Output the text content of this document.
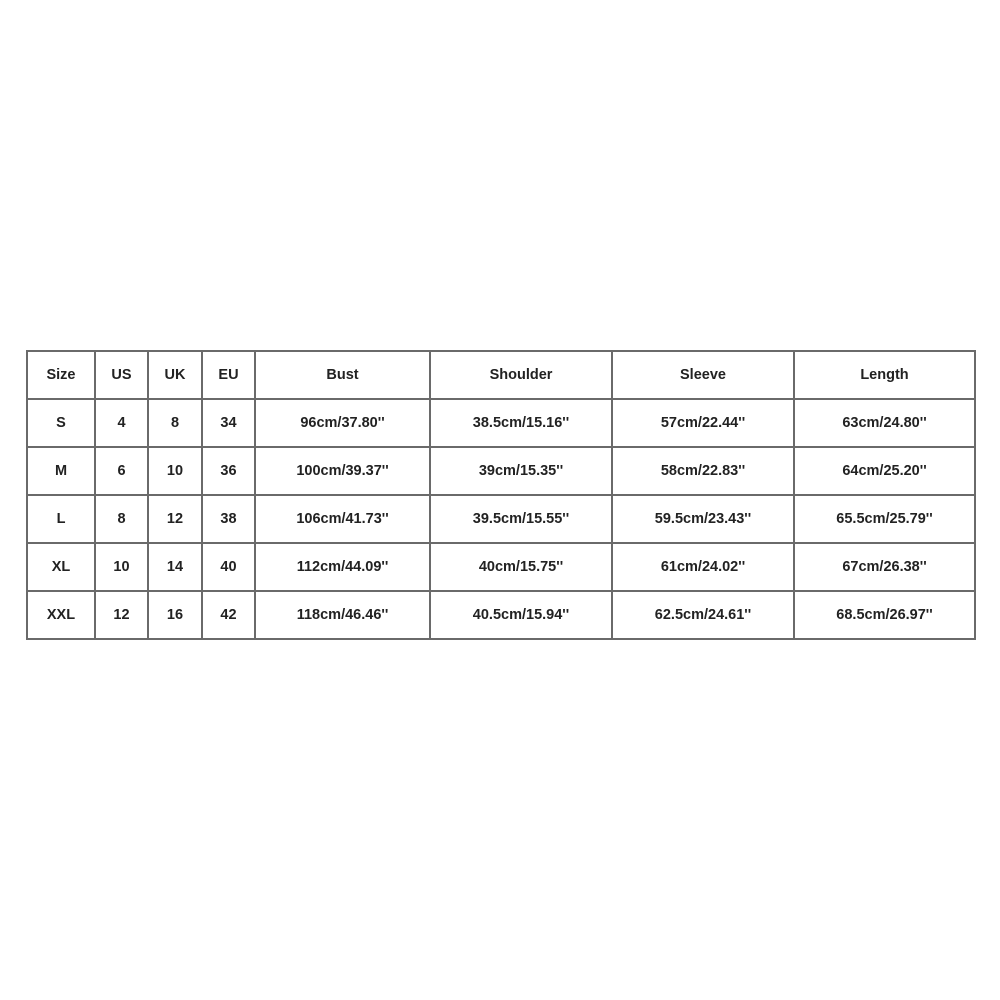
Size	US	UK	EU	Bust	Shoulder	Sleeve	Length
S	4	8	34	96cm/37.80''	38.5cm/15.16''	57cm/22.44''	63cm/24.80''
M	6	10	36	100cm/39.37''	39cm/15.35''	58cm/22.83''	64cm/25.20''
L	8	12	38	106cm/41.73''	39.5cm/15.55''	59.5cm/23.43''	65.5cm/25.79''
XL	10	14	40	112cm/44.09''	40cm/15.75''	61cm/24.02''	67cm/26.38''
XXL	12	16	42	118cm/46.46''	40.5cm/15.94''	62.5cm/24.61''	68.5cm/26.97''
